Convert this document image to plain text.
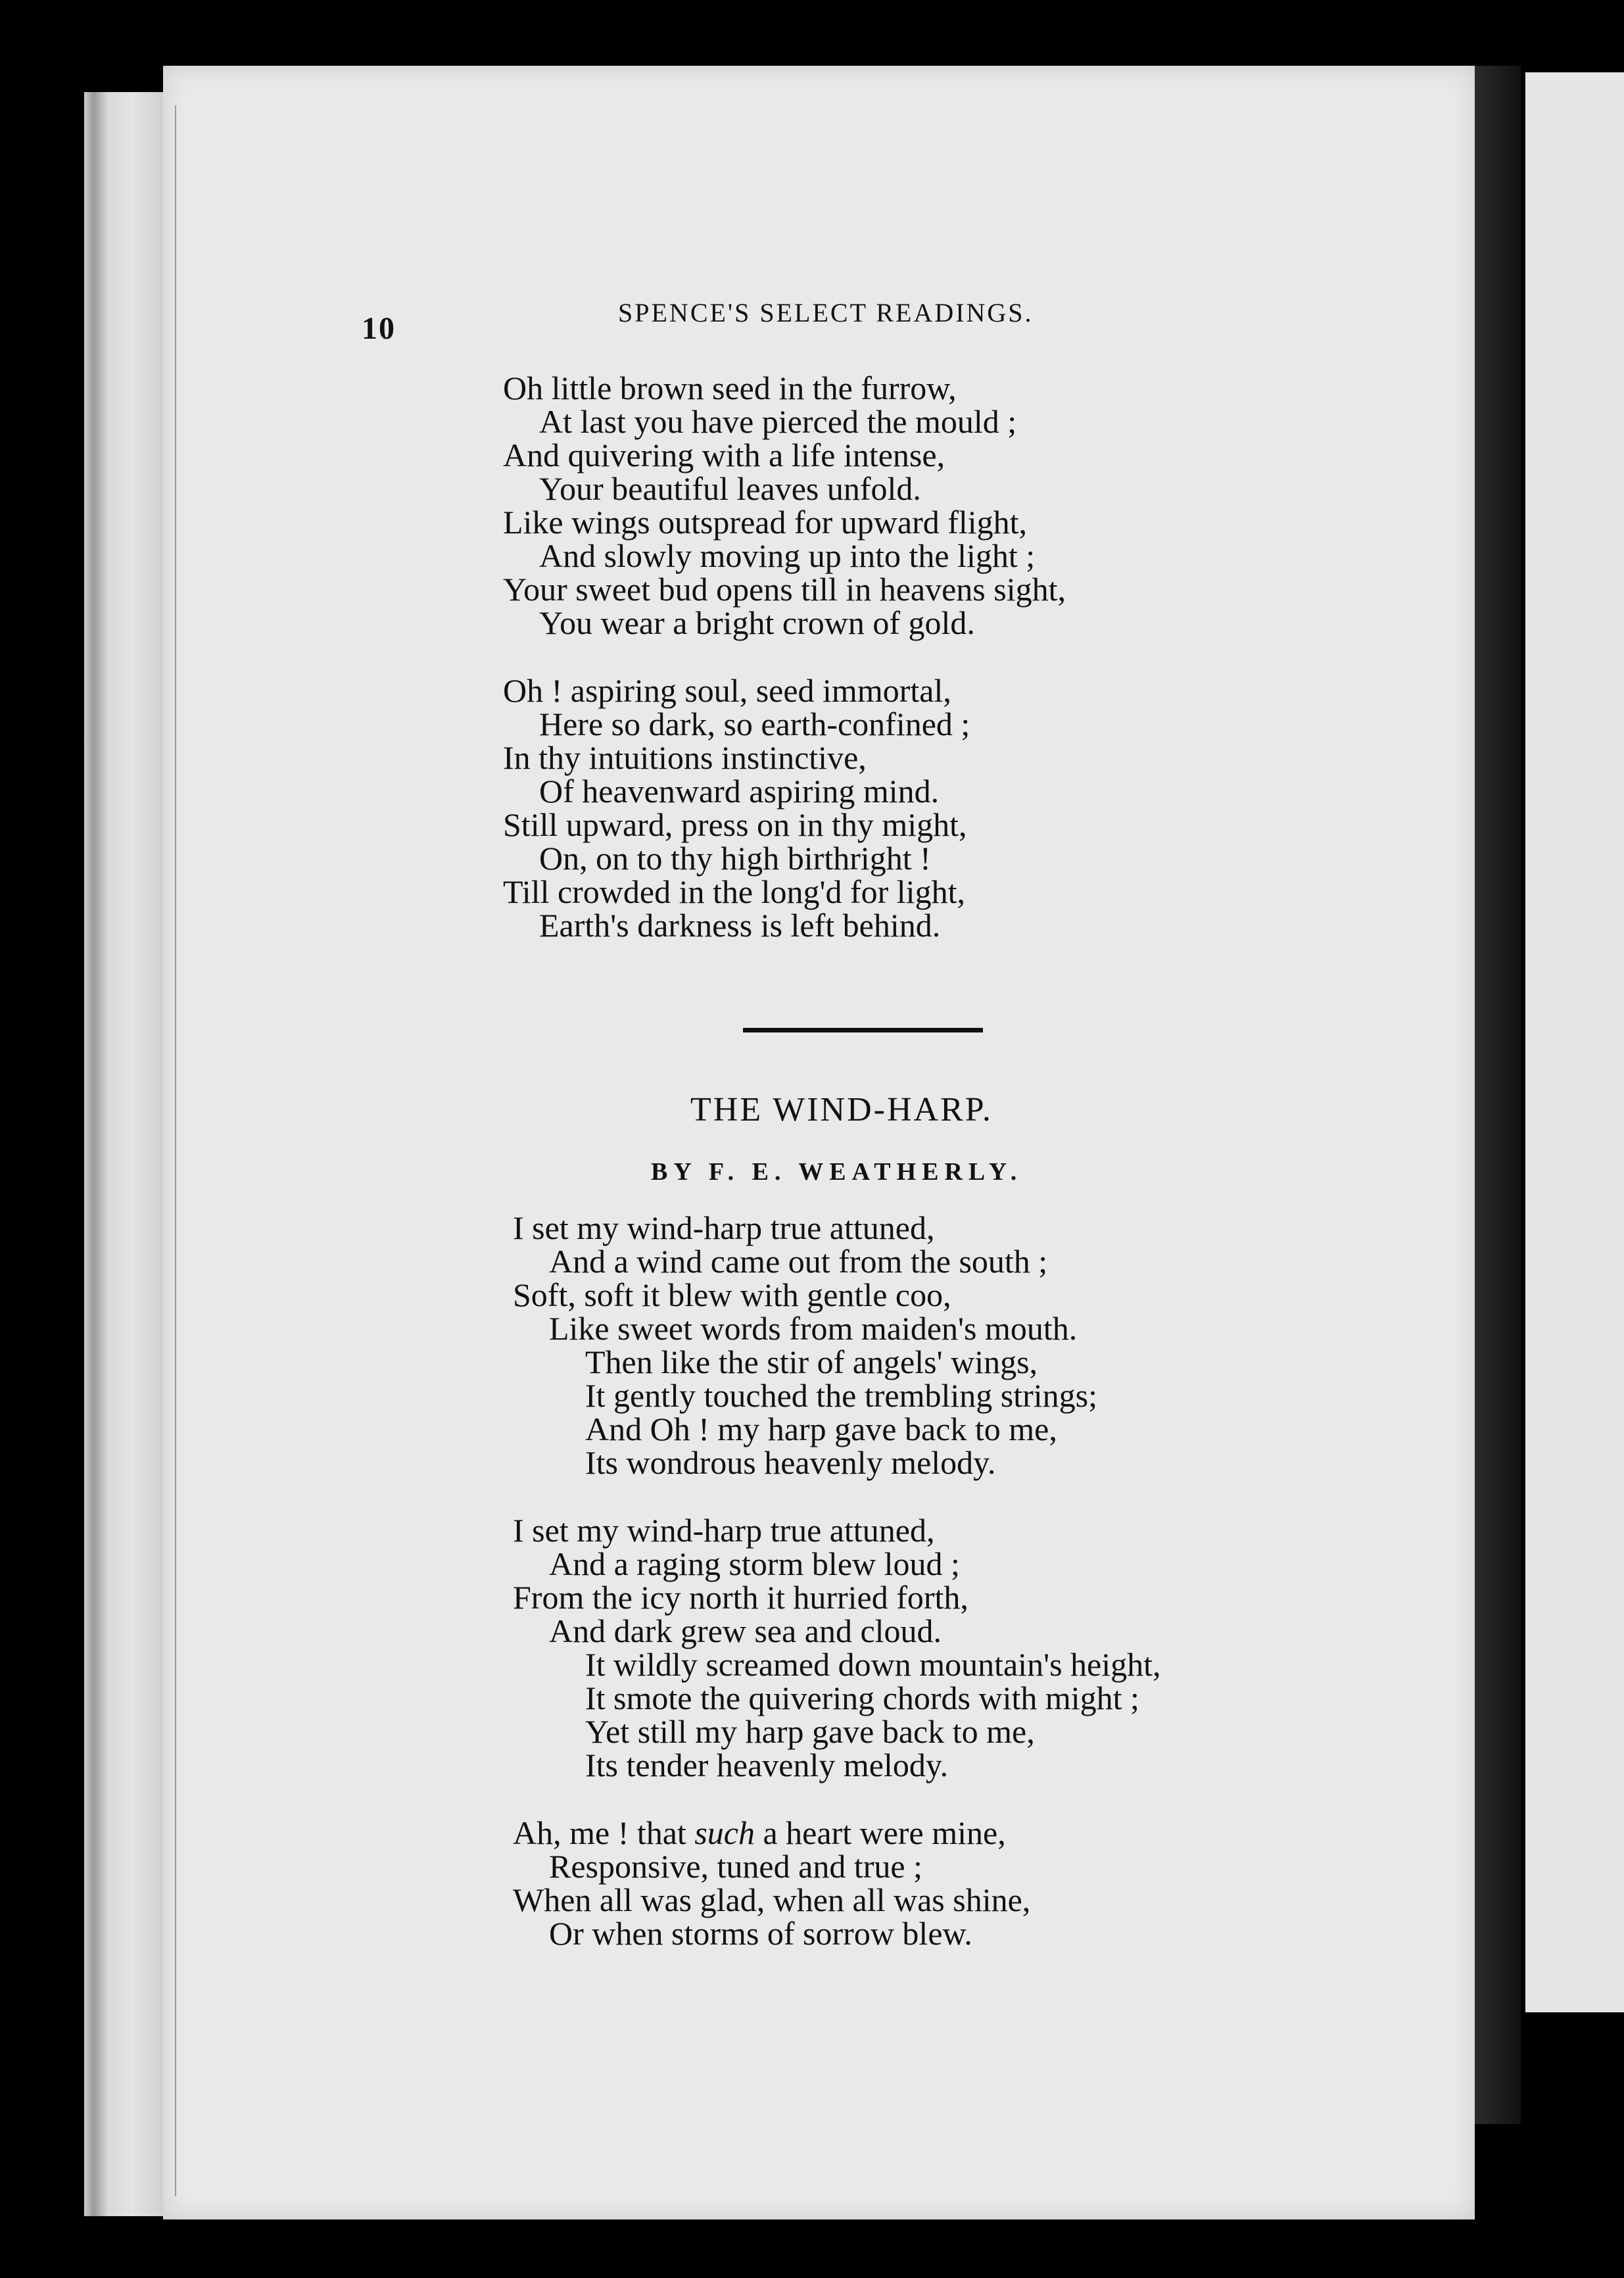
10	SPENCE'S SELECT READINGS.
Oh little brown seed in the furrow,
At last you have pierced the mould ;
And quivering with a life intense,
Your beautiful leaves unfold.
Like wings outspread for upward flight,
And slowly moving up into the light ;
Your sweet bud opens till in heavens sight,
You wear a bright crown of gold.
Oh ! aspiring soul, seed immortal,
Here so dark, so earth-confined ;
In thy intuitions instinctive,
Of heavenward aspiring mind.
Still upward, press on in thy might,
On, on to thy high birthright !
Till crowded in the long'd for light,
Earth's darkness is left behind.
THE WIND-HARP.
BY F. E. WEATHERLY.
I set my wind-harp true attuned,
And a wind came out from the south ;
Soft, soft it blew with gentle coo,
Like sweet words from maiden's mouth.
Then like the stir of angels' wings,
It gently touched the trembling strings;
And Oh ! my harp gave back to me,
Its wondrous heavenly melody.
I set my wind-harp true attuned,
And a raging storm blew loud ;
From the icy north it hurried forth,
And dark grew sea and cloud.
It wildly screamed down mountain's height,
It smote the quivering chords with might ;
Yet still my harp gave back to me,
Its tender heavenly melody.
Ah, me ! that such a heart were mine,
Responsive, tuned and true ;
When all was glad, when all was shine,
Or when storms of sorrow blew.
